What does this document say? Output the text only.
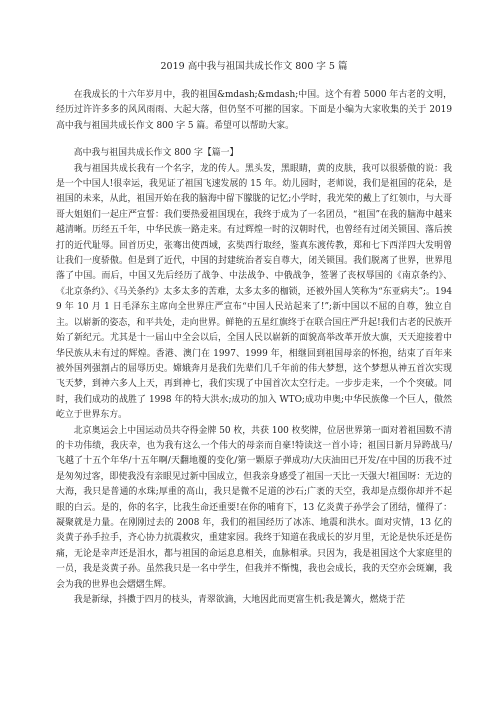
2019 高中我与祖国共成长作文 800 字 5 篇

在我成长的十六年岁月中，我的祖国&mdash;&mdash;中国。这个有着 5000 年古老的文明，经历过许许多多的风风雨雨、大起大落，但仍坚不可摧的国家。下面是小编为大家收集的关于 2019 高中我与祖国共成长作文 800 字 5 篇。希望可以帮助大家。

高中我与祖国共成长作文 800 字【篇一】

我与祖国共成长我有一个名字，龙的传人。黑头发，黑眼睛，黄的皮肤，我可以很骄傲的说：我是一个中国人!很幸运，我见证了祖国飞速发展的 15 年。幼儿园时，老师说，我们是祖国的花朵，是祖国的未来，从此，祖国开始在我的脑海中留下朦胧的记忆;小学时，我光荣的戴上了红领巾，与大哥哥大姐姐们一起庄严宣誓：我们要热爱祖国现在，我终于成为了一名团员，“祖国”在我的脑海中越来越清晰。历经五千年，中华民族一路走来。有过辉煌一时的汉朝时代，也曾经有过闭关锁国、落后挨打的近代耻辱。回首历史，张骞出使西域，玄奘西行取经，鉴真东渡传教，郑和七下西洋四大发明曾让我们一度骄傲。但是到了近代，中国的封建统治者妄自尊大，闭关锁国。我们脱离了世界，世界甩落了中国。而后，中国又先后经历了战争、中法战争、中俄战争，签署了丧权辱国的《南京条约》、《北京条约》、《马关条约》太多太多的苦难，太多太多的枷锁，还被外国人笑称为“东亚病夫”;。1949 年 10 月 1 日毛泽东主席向全世界庄严宣布“中国人民站起来了!”;新中国以不屈的自尊，独立自主。以崭新的姿态，和平共处，走向世界。鲜艳的五星红旗终于在联合国庄严升起!我们古老的民族开始了新纪元。尤其是十一届山中全会以后，全国人民以崭新的面貌高举改革开放大旗，天天迎接着中华民族从未有过的辉煌。香港、澳门在 1997、1999 年，相继回到祖国母亲的怀抱，结束了百年来被外国列强割占的屈辱历史。嫦娥奔月是我们先辈们几千年前的伟大梦想，这个梦想从神五首次实现飞天梦，到神六多人上天，再到神七，我们实现了中国首次太空行走。一步步走来，一个个突破。同时，我们成功的战胜了 1998 年的特大洪水;成功的加入 WTO;成功申奥;中华民族像一个巨人，傲然屹立于世界东方。

北京奥运会上中国运动员共夺得金牌 50 枚，共获 100 枚奖牌，位居世界第一面对着祖国数不清的卡功伟绩，我庆幸，也为我有这么一个伟大的母亲而自豪!特读这一首小诗；祖国日新月异跨战马/飞越了十五个年华/十五年啊/天翻地覆的变化/第一颗原子弹成功/大庆油田已开发/在中国的历我不过是匆匆过客，即使我没有亲眼见过新中国成立，但我亲身感受了祖国一天比一天强大!祖国呀：无边的大海，我只是普通的水珠;厚重的高山，我只是微不足道的沙石;广袤的天空，我却是点缀你却并不起眼的白云。是的，你的名字，比我生命还重要!在你的哺育下，13 亿炎黄子孙学会了团结，懂得了：凝聚就是力量。在刚刚过去的 2008 年，我们的祖国经历了冰冻、地震和洪水。面对灾情，13 亿的炎黄子孙手拉手，齐心协力抗震救灾，重建家园。我终于知道在我成长的岁月里，无论是快乐还是伤痛，无论是幸声还是泪水，都与祖国的命运息息相关，血脉相承。只因为，我是祖国这个大家庭里的一员，我是炎黄子孙。虽然我只是一名中学生，但我并不惭愧，我也会成长，我的天空亦会斑斓，我会为我的世界也会熠熠生辉。

我是新绿，抖擞于四月的枝头，青翠欲滴，大地因此而更富生机;我是篝火，燃烧于茫
